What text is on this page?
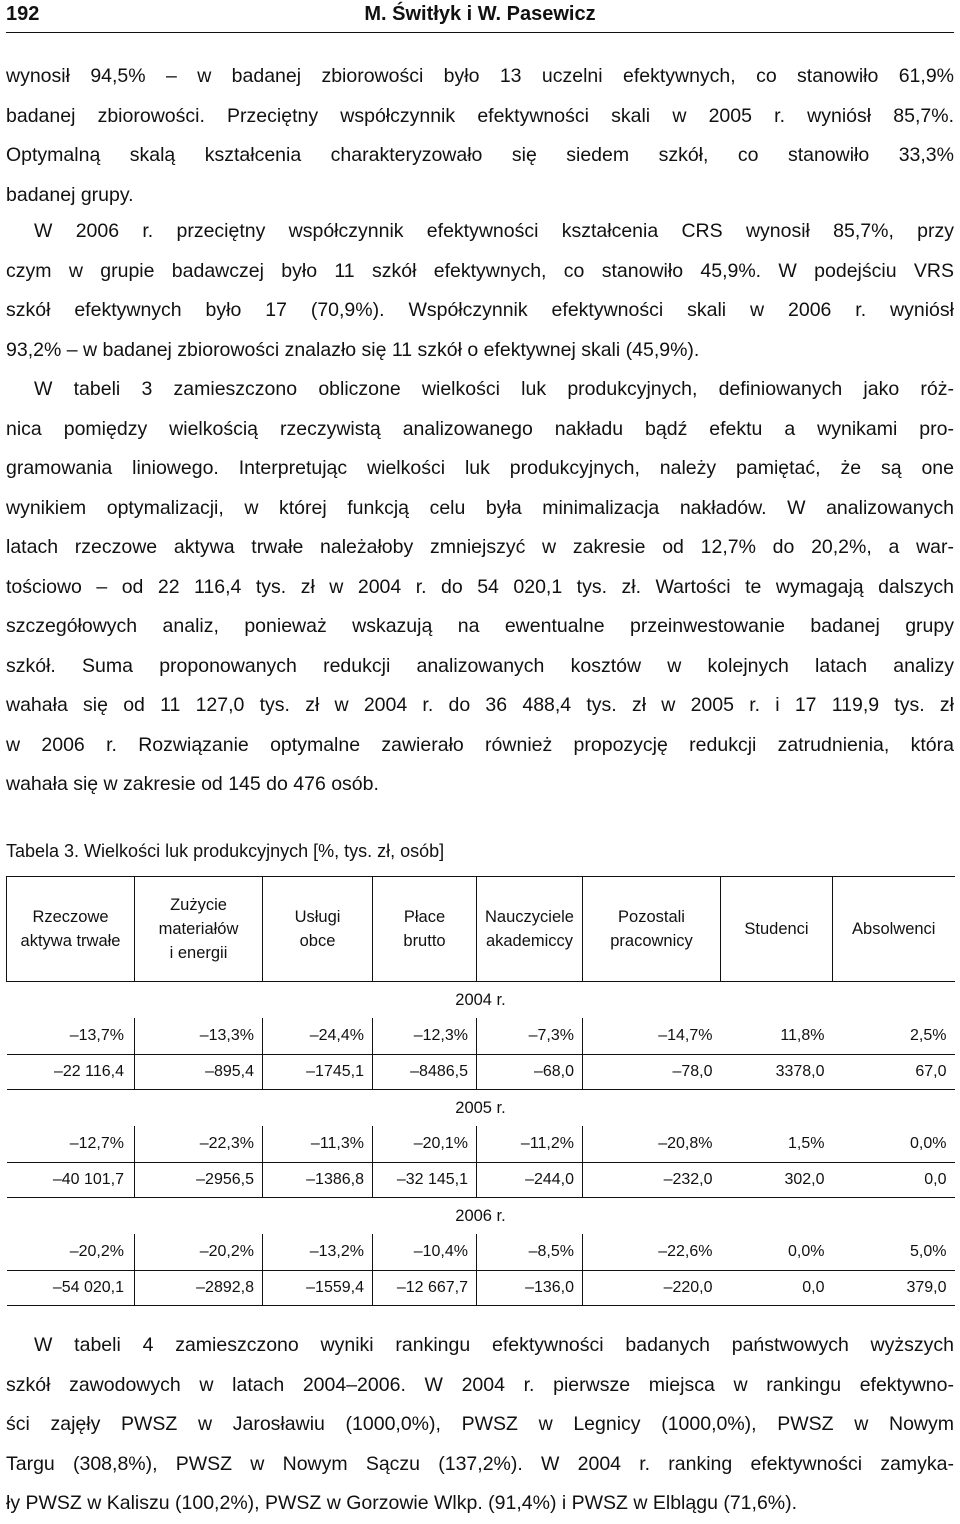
192	M. Świtłyk i W. Pasewicz
wynosił 94,5% – w badanej zbiorowości było 13 uczelni efektywnych, co stanowiło 61,9%
badanej zbiorowości. Przeciętny współczynnik efektywności skali w 2005 r. wyniósł 85,7%.
Optymalną skalą kształcenia charakteryzowało się siedem szkół, co stanowiło 33,3%
badanej grupy.
W 2006 r. przeciętny współczynnik efektywności kształcenia CRS wynosił 85,7%, przy
czym w grupie badawczej było 11 szkół efektywnych, co stanowiło 45,9%. W podejściu VRS
szkół efektywnych było 17 (70,9%). Współczynnik efektywności skali w 2006 r. wyniósł
93,2% – w badanej zbiorowości znalazło się 11 szkół o efektywnej skali (45,9%).
W tabeli 3 zamieszczono obliczone wielkości luk produkcyjnych, definiowanych jako róż-
nica pomiędzy wielkością rzeczywistą analizowanego nakładu bądź efektu a wynikami pro-
gramowania liniowego. Interpretując wielkości luk produkcyjnych, należy pamiętać, że są one
wynikiem optymalizacji, w której funkcją celu była minimalizacja nakładów. W analizowanych
latach rzeczowe aktywa trwałe należałoby zmniejszyć w zakresie od 12,7% do 20,2%, a war-
tościowo – od 22 116,4 tys. zł w 2004 r. do 54 020,1 tys. zł. Wartości te wymagają dalszych
szczegółowych analiz, ponieważ wskazują na ewentualne przeinwestowanie badanej grupy
szkół. Suma proponowanych redukcji analizowanych kosztów w kolejnych latach analizy
wahała się od 11 127,0 tys. zł w 2004 r. do 36 488,4 tys. zł w 2005 r. i 17 119,9 tys. zł
w 2006 r. Rozwiązanie optymalne zawierało również propozycję redukcji zatrudnienia, która
wahała się w zakresie od 145 do 476 osób.
Tabela 3. Wielkości luk produkcyjnych [%, tys. zł, osób]
Rzeczowe
aktywa trwałe	Zużycie
materiałów
i energii	Usługi
obce	Płace
brutto	Nauczyciele
akademiccy	Pozostali
pracownicy	Studenci	Absolwenci
2004 r.							
–13,7%	–13,3%	–24,4%	–12,3%	–7,3%	–14,7%	11,8%	2,5%
–22 116,4	–895,4	–1745,1	–8486,5	–68,0	–78,0	3378,0	67,0
2005 r.							
–12,7%	–22,3%	–11,3%	–20,1%	–11,2%	–20,8%	1,5%	0,0%
–40 101,7	–2956,5	–1386,8	–32 145,1	–244,0	–232,0	302,0	0,0
2006 r.							
–20,2%	–20,2%	–13,2%	–10,4%	–8,5%	–22,6%	0,0%	5,0%
–54 020,1	–2892,8	–1559,4	–12 667,7	–136,0	–220,0	0,0	379,0
W tabeli 4 zamieszczono wyniki rankingu efektywności badanych państwowych wyższych
szkół zawodowych w latach 2004–2006. W 2004 r. pierwsze miejsca w rankingu efektywno-
ści zajęły PWSZ w Jarosławiu (1000,0%), PWSZ w Legnicy (1000,0%), PWSZ w Nowym
Targu (308,8%), PWSZ w Nowym Sączu (137,2%). W 2004 r. ranking efektywności zamyka-
ły PWSZ w Kaliszu (100,2%), PWSZ w Gorzowie Wlkp. (91,4%) i PWSZ w Elblągu (71,6%).
